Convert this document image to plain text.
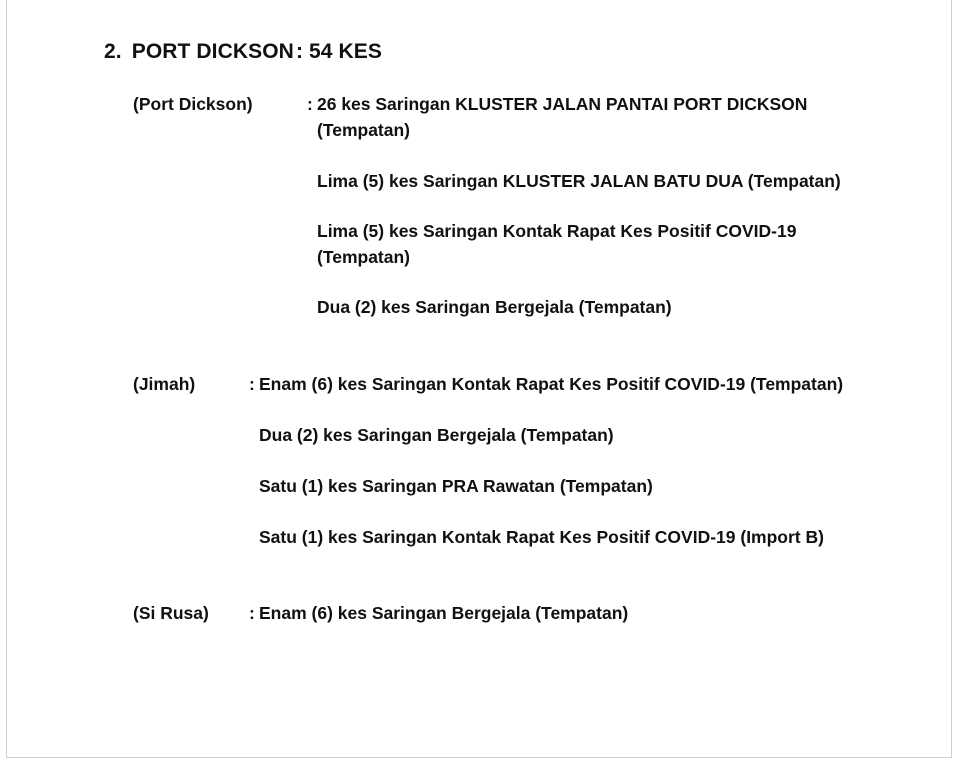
2. PORT DICKSON: 54 KES
(Port Dickson)	: 26 kes Saringan KLUSTER JALAN PANTAI PORT DICKSON
(Tempatan)
Lima (5) kes Saringan KLUSTER JALAN BATU DUA (Tempatan)
Lima (5) kes Saringan Kontak Rapat Kes Positif COVID-19
(Tempatan)
Dua (2) kes Saringan Bergejala (Tempatan)
(Jimah)	: Enam (6) kes Saringan Kontak Rapat Kes Positif COVID-19 (Tempatan)
Dua (2) kes Saringan Bergejala (Tempatan)
Satu (1) kes Saringan PRA Rawatan (Tempatan)
Satu (1) kes Saringan Kontak Rapat Kes Positif COVID-19 (Import B)
(Si Rusa) : Enam (6) kes Saringan Bergejala (Tempatan)
